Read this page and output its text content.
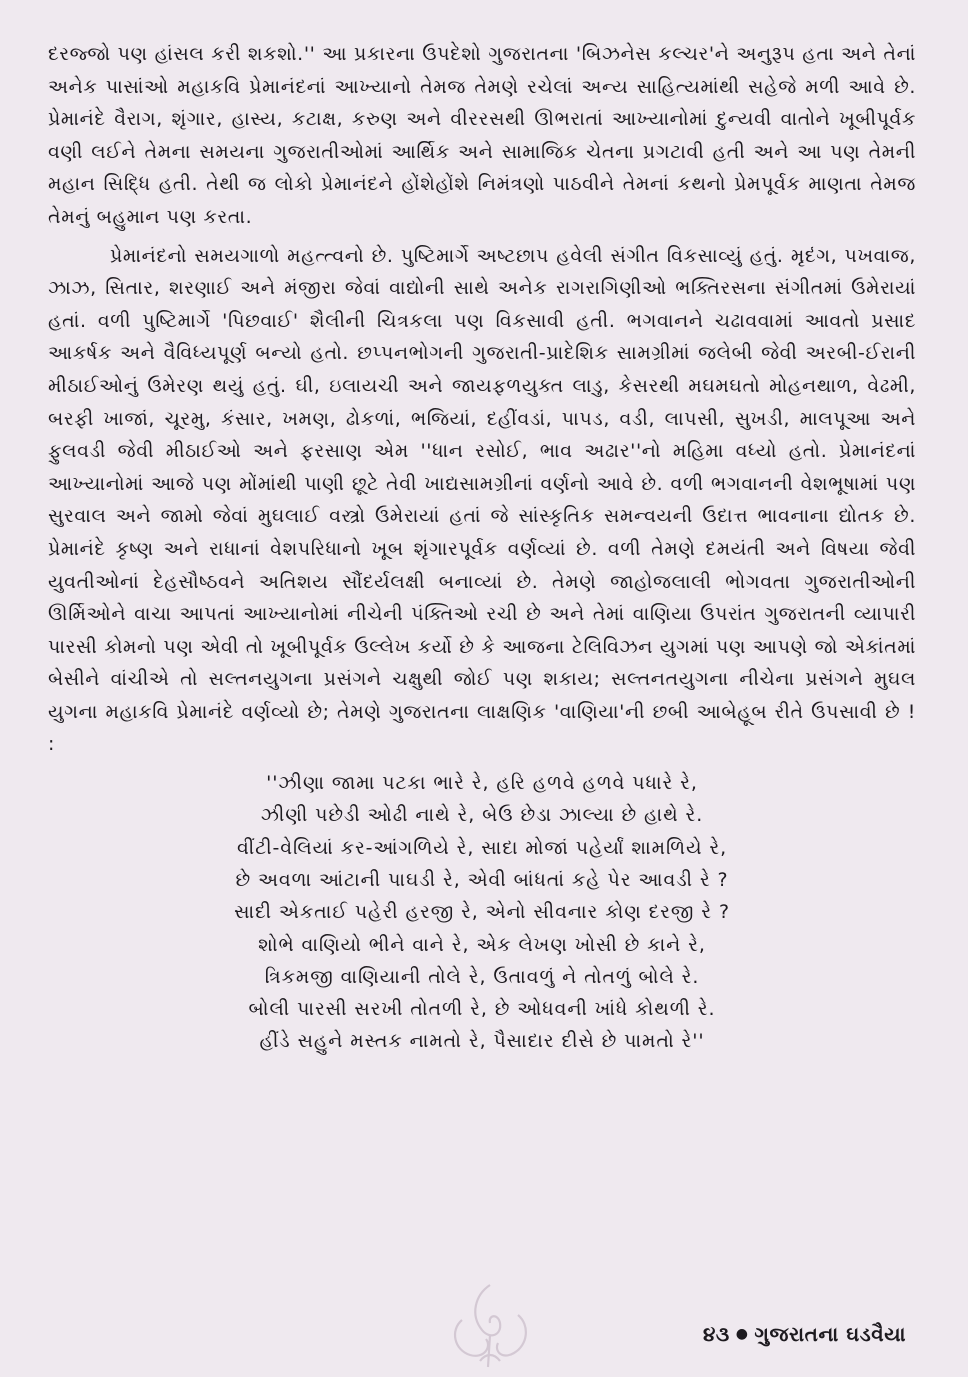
દરજ્જો પણ હાંસલ કરી શકશો.'' આ પ્રકારના ઉપદેશો ગુજરાતના 'બિઝનેસ કલ્ચર'ને અનુરૂપ હતા અને તેનાં અનેક પાસાંઓ મહાકવિ પ્રેમાનંદનાં આખ્યાનો તેમજ તેમણે રચેલાં અન્ય સાહિત્યમાંથી સહેજે મળી આવે છે. પ્રેમાનંદે વૈરાગ, શૃંગાર, હાસ્ય, કટાક્ષ, કરુણ અને વીરરસથી ઊભરાતાં આખ્યાનોમાં દુન્યવી વાતોને ખૂબીપૂર્વક વણી લઈને તેમના સમયના ગુજરાતીઓમાં આર્થિક અને સામાજિક ચેતના પ્રગટાવી હતી અને આ પણ તેમની મહાન સિદ્ધિ હતી. તેથી જ લોકો પ્રેમાનંદને હોંશેહોંશે નિમંત્રણો પાઠવીને તેમનાં કથનો પ્રેમપૂર્વક માણતા તેમજ તેમનું બહુમાન પણ કરતા.

પ્રેમાનંદનો સમયગાળો મહત્ત્વનો છે. પુષ્ટિમાર્ગે અષ્ટછાપ હવેલી સંગીત વિકસાવ્યું હતું. મૃદંગ, પખવાજ, ઝાઝ, સિતાર, શરણાઈ અને મંજીરા જેવાં વાદ્યોની સાથે અનેક રાગરાગિણીઓ ભક્તિરસના સંગીતમાં ઉમેરાયાં હતાં. વળી પુષ્ટિમાર્ગે 'પિછવાઈ' શૈલીની ચિત્રકલા પણ વિકસાવી હતી. ભગવાનને ચઢાવવામાં આવતો પ્રસાદ આકર્ષક અને વૈવિધ્યપૂર્ણ બન્યો હતો. છપ્પનભોગની ગુજરાતી-પ્રાદેશિક સામગ્રીમાં જલેબી જેવી અરબી-ઈરાની મીઠાઈઓનું ઉમેરણ થયું હતું. ઘી, ઇલાયચી અને જાયફળયુક્ત લાડુ, કેસરથી મઘમઘતો મોહનથાળ, વેઢમી, બરફી ખાજાં, ચૂરમુ, કંસાર, ખમણ, ઢોકળાં, ભજિયાં, દહીંવડાં, પાપડ, વડી, લાપસી, સુખડી, માલપૂઆ અને ફુલવડી જેવી મીઠાઈઓ અને ફરસાણ એમ ''ધાન રસોઈ, ભાવ અઢાર''નો મહિમા વધ્યો હતો. પ્રેમાનંદનાં આખ્યાનોમાં આજે પણ મોંમાંથી પાણી છૂટે તેવી ખાદ્યસામગ્રીનાં વર્ણનો આવે છે. વળી ભગવાનની વેશભૂષામાં પણ સુરવાલ અને જામો જેવાં મુઘલાઈ વસ્ત્રો ઉમેરાયાં હતાં જે સાંસ્કૃતિક સમન્વયની ઉદાત્ત ભાવનાના દ્યોતક છે. પ્રેમાનંદે કૃષ્ણ અને રાધાનાં વેશપરિધાનો ખૂબ શૃંગારપૂર્વક વર્ણવ્યાં છે. વળી તેમણે દમયંતી અને વિષયા જેવી યુવતીઓનાં દેહસૌષ્ઠવને અતિશય સૌંદર્યલક્ષી બનાવ્યાં છે. તેમણે જાહોજલાલી ભોગવતા ગુજરાતીઓની ઊર્મિઓને વાચા આપતાં આખ્યાનોમાં નીચેની પંક્તિઓ રચી છે અને તેમાં વાણિયા ઉપરાંત ગુજરાતની વ્યાપારી પારસી કોમનો પણ એવી તો ખૂબીપૂર્વક ઉલ્લેખ કર્યો છે કે આજના ટેલિવિઝન યુગમાં પણ આપણે જો એકાંતમાં બેસીને વાંચીએ તો સલ્તનયુગના પ્રસંગને ચક્ષુથી જોઈ પણ શકાય; સલ્તનતયુગના નીચેના પ્રસંગને મુઘલ યુગના મહાકવિ પ્રેમાનંદે વર્ણવ્યો છે; તેમણે ગુજરાતના લાક્ષણિક 'વાણિયા'ની છબી આબેહૂબ રીતે ઉપસાવી છે ! :

''ઝીણા જામા પટકા ભારે રે, હરિ હળવે હળવે પધારે રે,
ઝીણી પછેડી ઓઢી નાથે રે, બેઉ છેડા ઝાલ્યા છે હાથે રે.
વીંટી-વેલિયાં કર-આંગળિયે રે, સાદા મોજાં પહેર્યાં શામળિયે રે,
છે અવળા આંટાની પાઘડી રે, એવી બાંધતાં કહે પેર આવડી રે ?
સાદી એકતાઈ પહેરી હરજી રે, એનો સીવનાર કોણ દરજી રે ?
શોભે વાણિયો ભીને વાને રે, એક લેખણ ખોસી છે કાને રે,
ત્રિકમજી વાણિયાની તોલે રે, ઉતાવળું ને તોતળું બોલે રે.
બોલી પારસી સરખી તોતળી રે, છે ઓધવની ખાંધે કોથળી રે.
હીંડે સહુને મસ્તક નામતો રે, પૈસાદાર દીસે છે પામતો રે''
૪૩ ● ગુજરાતના ઘડવૈયા
